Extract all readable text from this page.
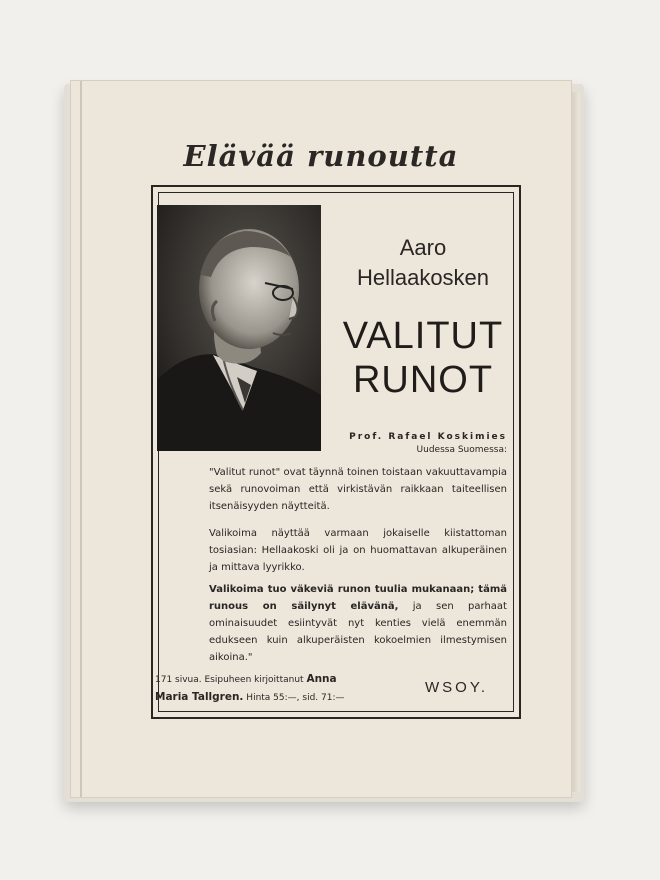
Elävää runoutta
Aaro
Hellaakosken
VALITUT
RUNOT
Prof. Rafael Koskimies
Uudessa Suomessa:

"Valitut runot" ovat täynnä toinen toistaan vakuuttavampia sekä runovoiman että virkistävän raikkaan taiteellisen itsenäisyyden näytteitä.

Valikoima näyttää varmaan jokaiselle kiistattoman tosiasian: Hellaakoski oli ja on huomattavan alkuperäinen ja mittava lyyrikko.

Valikoima tuo väkeviä runon tuulia mukanaan; tämä runous on säilynyt elävänä, ja sen parhaat ominaisuudet esiintyvät nyt kenties vielä enemmän edukseen kuin alkuperäisten kokoelmien ilmestymisen aikoina."

171 sivua. Esipuheen kirjoittanut Anna
Maria Tallgren. Hinta 55:—, sid. 71:—
WSOY.
